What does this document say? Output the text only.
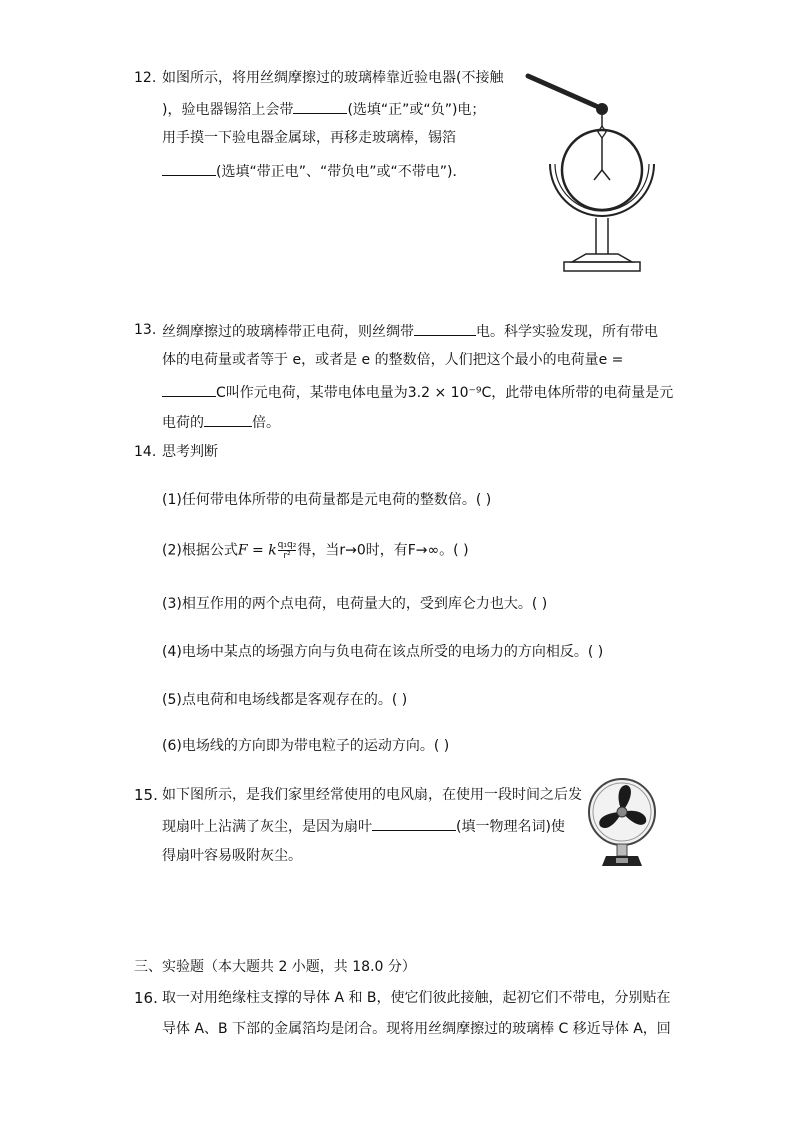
12. 如图所示，将用丝绸摩擦过的玻璃棒靠近验电器(不接触
)，验电器锡箔上会带	(选填“正”或“负”)电；
用手摸一下验电器金属球，再移走玻璃棒，锡箔
(选填“带正电”、“带负电”或“不带电”)．
13. 丝绸摩擦过的玻璃棒带正电荷，则丝绸带	电。科学实验发现，所有带电
体的电荷量或者等于 e，或者是 e 的整数倍，人们把这个最小的电荷量e =
C叫作元电荷，某带电体电量为3.2 × 10⁻⁹C，此带电体所带的电荷量是元
电荷的	倍。
14. 思考判断
(1)任何带电体所带的电荷量都是元电荷的整数倍。( )
(2)根据公式F = k $\frac{\text{q₁q₂}}{\text{r²}}$ 得，当r→0时，有F→∞。( )
(3)相互作用的两个点电荷，电荷量大的，受到库仑力也大。( )
(4)电场中某点的场强方向与负电荷在该点所受的电场力的方向相反。( )
(5)点电荷和电场线都是客观存在的。( )
(6)电场线的方向即为带电粒子的运动方向。( )
15. 如下图所示，是我们家里经常使用的电风扇，在使用一段时间之后发
现扇叶上沾满了灰尘，是因为扇叶	(填一物理名词)使
得扇叶容易吸附灰尘。
三、实验题（本大题共 2 小题，共 18.0 分）
16. 取一对用绝缘柱支撑的导体 A 和 B，使它们彼此接触，起初它们不带电，分别贴在
导体 A、B 下部的金属箔均是闭合。现将用丝绸摩擦过的玻璃棒 C 移近导体 A，回
